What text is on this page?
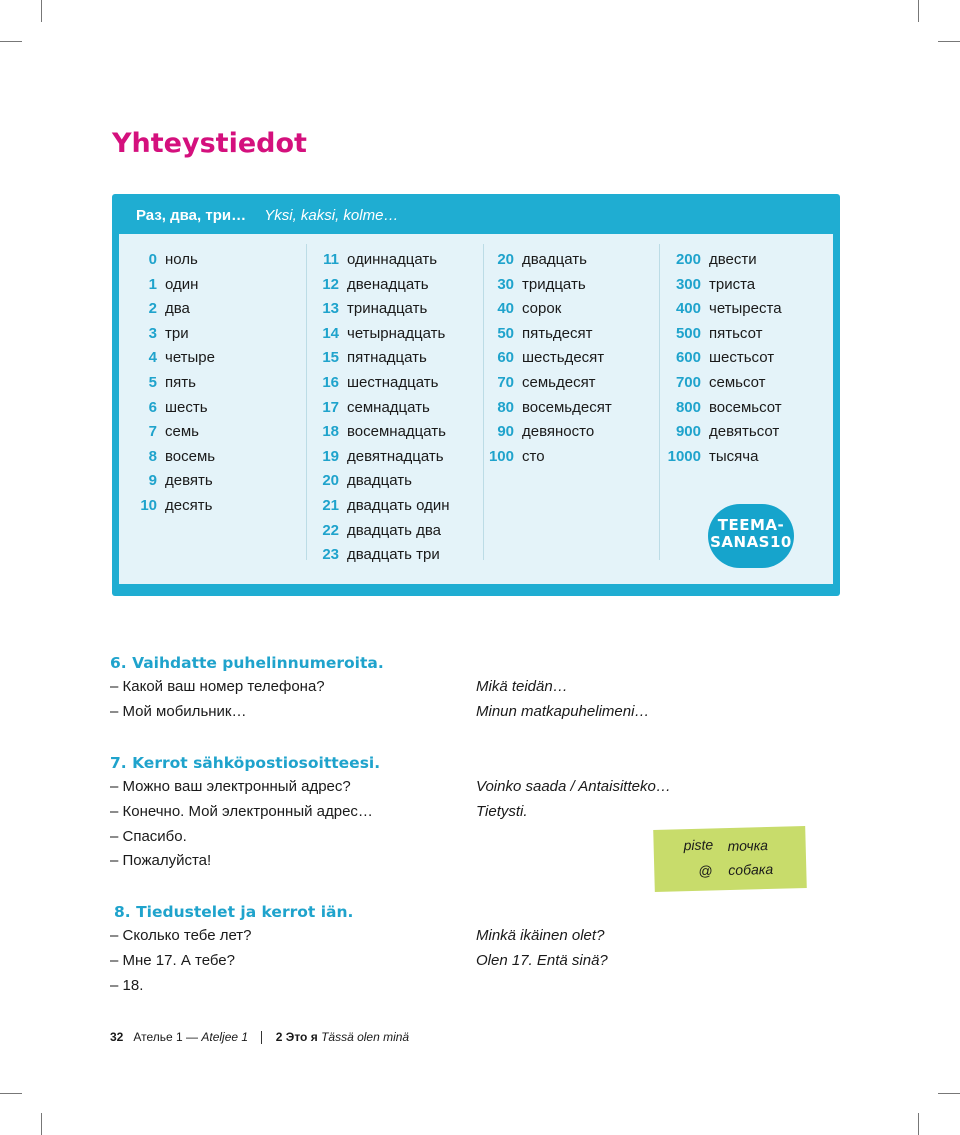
Yhteystiedot
Раз, два, три… Yksi, kaksi, kolme…
0 ноль
1 один
2 два
3 три
4 четыре
5 пять
6 шесть
7 семь
8 восемь
9 девять
10 десять
11 одиннадцать
12 двенадцать
13 тринадцать
14 четырнадцать
15 пятнадцать
16 шестнадцать
17 семнадцать
18 восемнадцать
19 девятнадцать
20 двадцать
21 двадцать один
22 двадцать два
23 двадцать три
20 двадцать
30 тридцать
40 сорок
50 пятьдесят
60 шестьдесят
70 семьдесят
80 восемьдесят
90 девяносто
100 сто
200 двести
300 триста
400 четыреста
500 пятьсот
600 шестьсот
700 семьсот
800 восемьсот
900 девятьсот
1000 тысяча
TEEMA-
SANAS10
6. Vaihdatte puhelinnumeroita.
– Какой ваш номер телефона?	Mikä teidän…
– Мой мобильник…	Minun matkapuhelimeni…
7. Kerrot sähköpostiosoitteesi.
– Можно ваш электронный адрес?	Voinko saada / Antaisitteko…
– Конечно. Мой электронный адрес…	Tietysti.
– Спасибо.
– Пожалуйста!
8. Tiedustelet ja kerrot iän.
– Сколько тебе лет?	Minkä ikäinen olet?
– Мне 17. А тебе?	Olen 17. Entä sinä?
– 18.
piste точка
@ собака
32 Ательe 1 — Ateljee 1 2 Это я Tässä olen minä
